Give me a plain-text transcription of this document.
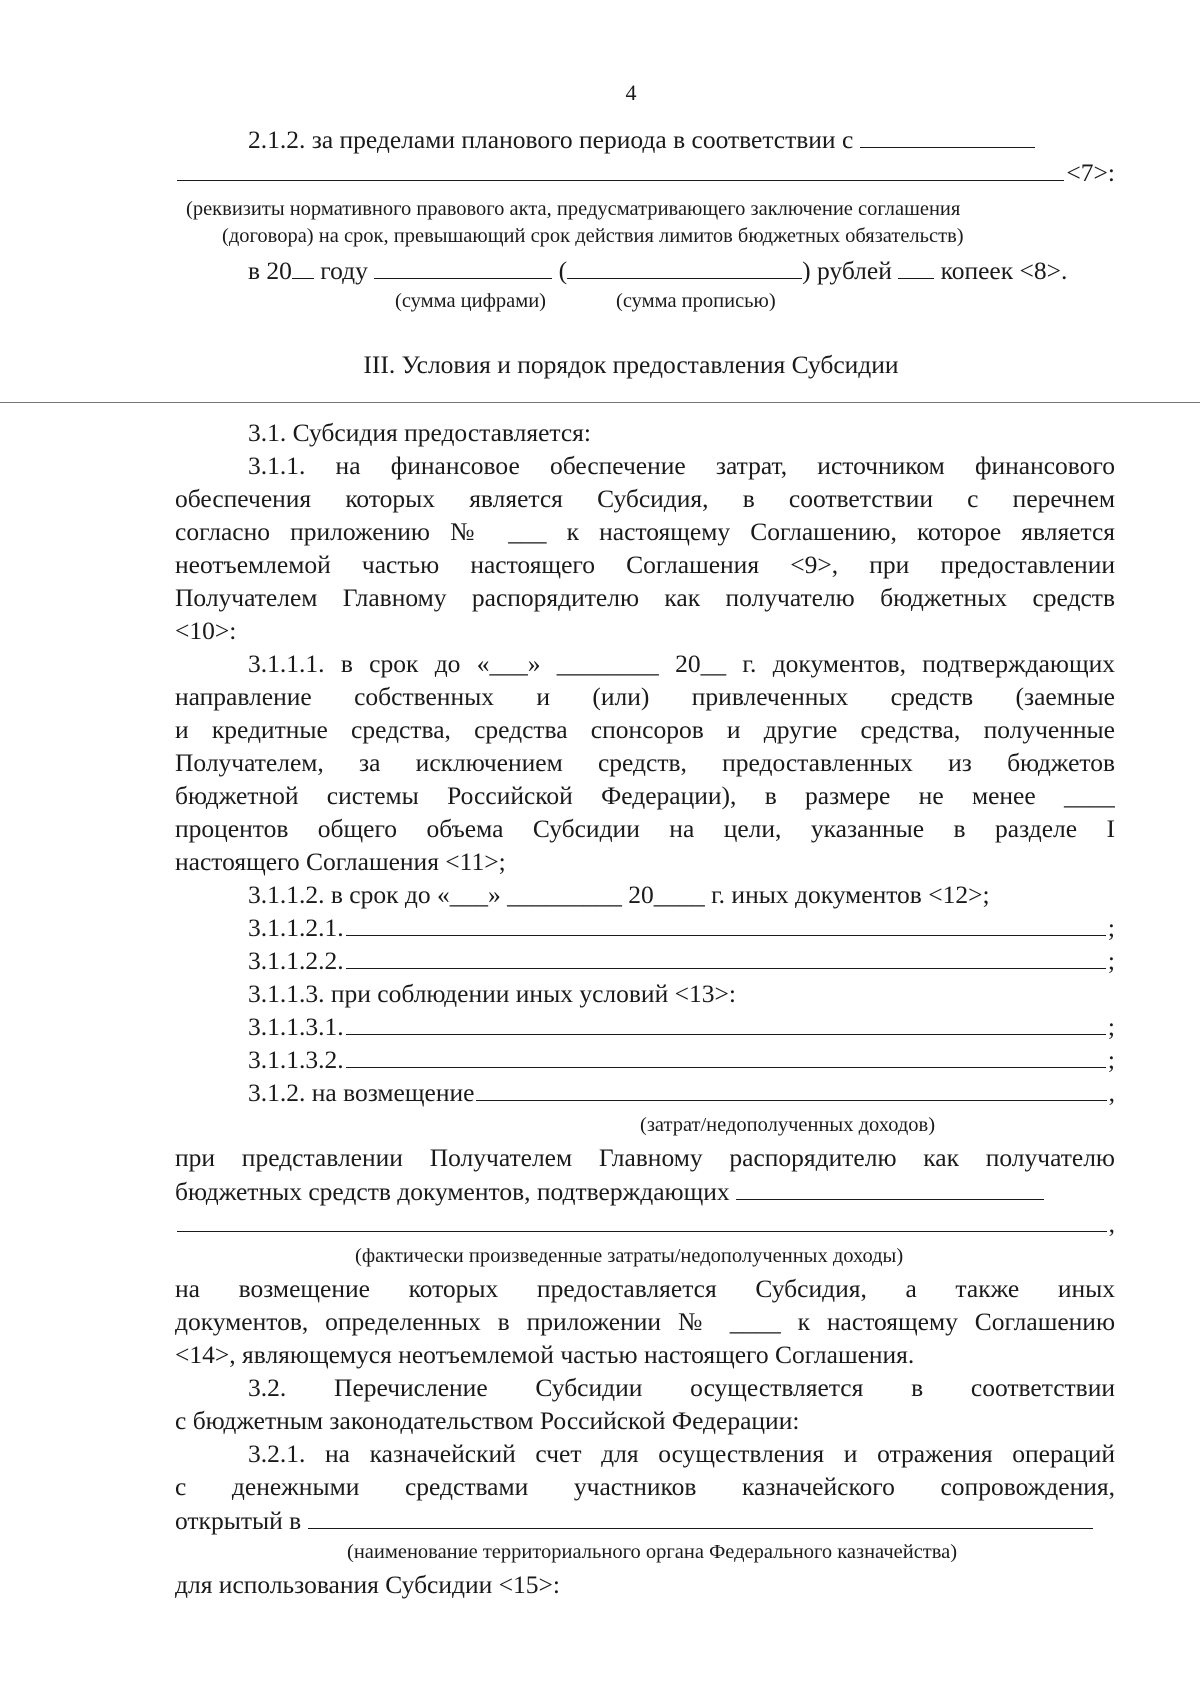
4
2.1.2. за пределами планового периода в соответствии с
<7>:
(реквизиты нормативного правового акта, предусматривающего заключение соглашения
(договора) на срок, превышающий срок действия лимитов бюджетных обязательств)
в 20 году	(	) рублей копеек <8>.
(сумма цифрами)	(сумма прописью)
III. Условия и порядок предоставления Субсидии
3.1. Субсидия предоставляется:
3.1.1. на финансовое обеспечение затрат, источником финансового
обеспечения которых является Субсидия, в соответствии с перечнем
согласно приложению № ___ к настоящему Соглашению, которое является
неотъемлемой частью настоящего Соглашения <9>, при предоставлении
Получателем Главному распорядителю как получателю бюджетных средств
<10>:
3.1.1.1. в срок до «___» ________ 20__ г. документов, подтверждающих
направление собственных и (или) привлеченных средств (заемные
и кредитные средства, средства спонсоров и другие средства, полученные
Получателем, за исключением средств, предоставленных из бюджетов
бюджетной системы Российской Федерации), в размере не менее ____
процентов общего объема Субсидии на цели, указанные в разделе I
настоящего Соглашения <11>;
3.1.1.2. в срок до «___» _________ 20____ г. иных документов <12>;
3.1.1.2.1.	;
3.1.1.2.2.	;
3.1.1.3. при соблюдении иных условий <13>:
3.1.1.3.1.	;
3.1.1.3.2.	;
3.1.2. на возмещение	,
(затрат/недополученных доходов)
при представлении Получателем Главному распорядителю как получателю
бюджетных средств документов, подтверждающих
,
(фактически произведенные затраты/недополученных доходы)
на возмещение которых предоставляется Субсидия, а также иных
документов, определенных в приложении № ____ к настоящему Соглашению
<14>, являющемуся неотъемлемой частью настоящего Соглашения.
3.2. Перечисление Субсидии осуществляется в соответствии
с бюджетным законодательством Российской Федерации:
3.2.1. на казначейский счет для осуществления и отражения операций
с денежными средствами участников казначейского сопровождения,
открытый в
(наименование территориального органа Федерального казначейства)
для использования Субсидии <15>:
